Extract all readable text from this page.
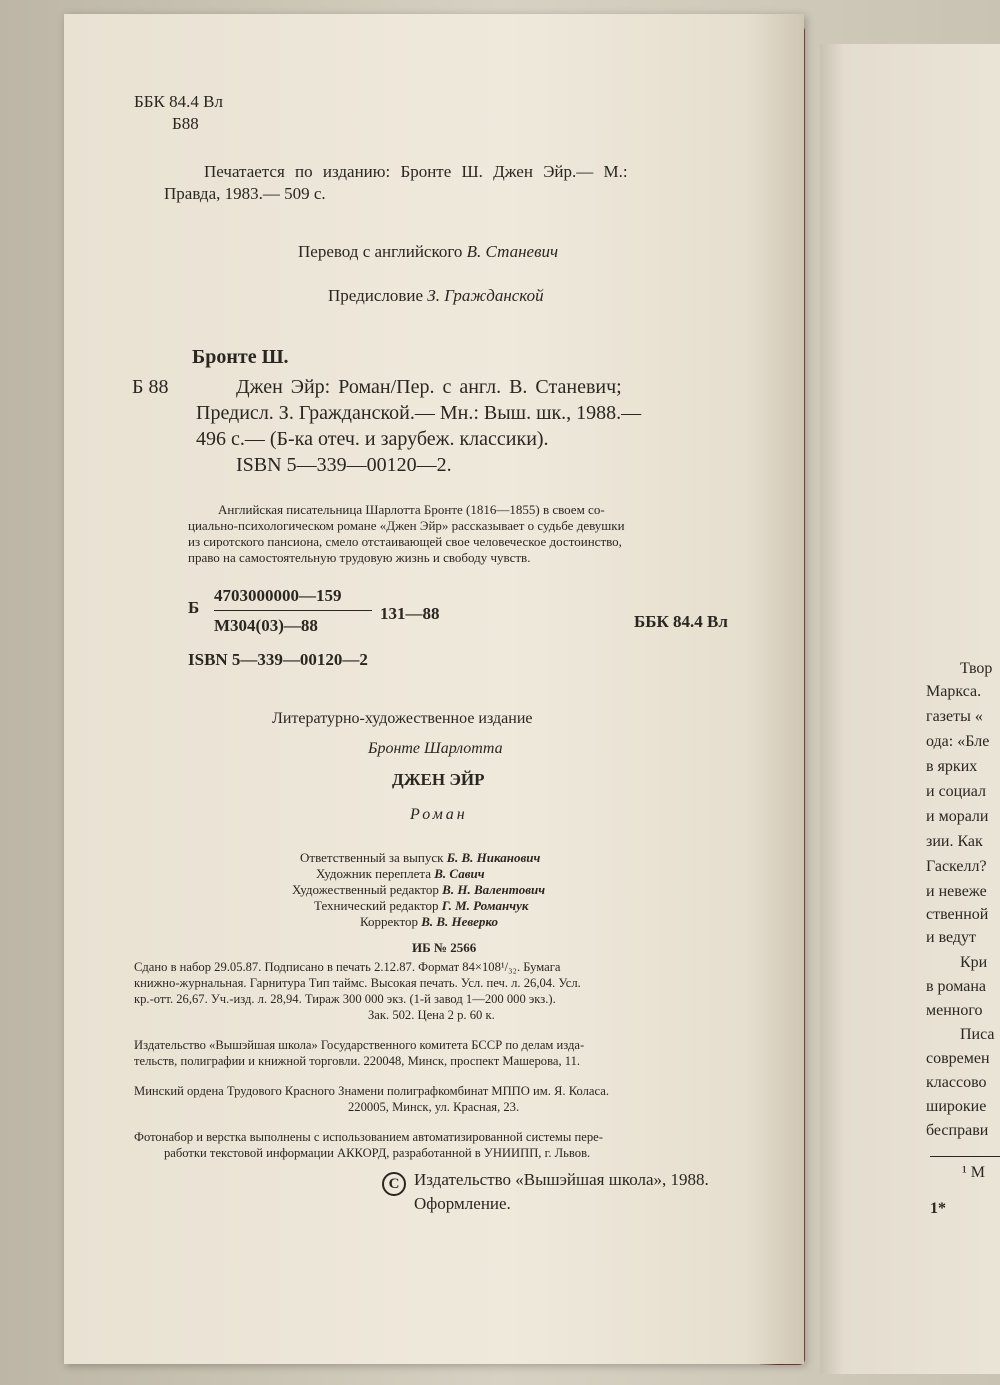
ББК 84.4 Вл

Б88

Печатается по изданию: Бронте Ш. Джен Эйр.— М.:

Правда, 1983.— 509 с.

Перевод с английского В. Станевич

Предисловие З. Гражданской

Бронте Ш.

Б 88	Джен Эйр: Роман/Пер. с англ. В. Станевич;

Предисл. З. Гражданской.— Мн.: Выш. шк., 1988.—

496 с.— (Б-ка отеч. и зарубеж. классики).

ISBN 5—339—00120—2.

Английская писательница Шарлотта Бронте (1816—1855) в своем со-

циально-психологическом романе «Джен Эйр» рассказывает о судьбе девушки

из сиротского пансиона, смело отстаивающей свое человеческое достоинство,

право на самостоятельную трудовую жизнь и свободу чувств.

Б

4703000000—159

М304(03)—88

131—88	ББК 84.4 Вл

ISBN 5—339—00120—2

Литературно-художественное издание

Бронте Шарлотта

ДЖЕН ЭЙР

Роман

Ответственный за выпуск Б. В. Никанович

Художник переплета В. Савич

Художественный редактор В. Н. Валентович

Технический редактор Г. М. Романчук

Корректор В. В. Неверко

ИБ № 2566

Сдано в набор 29.05.87. Подписано в печать 2.12.87. Формат 84×108¹/₃₂. Бумага

книжно-журнальная. Гарнитура Тип таймс. Высокая печать. Усл. печ. л. 26,04. Усл.

кр.-отт. 26,67. Уч.-изд. л. 28,94. Тираж 300 000 экз. (1-й завод 1—200 000 экз.).

Зак. 502. Цена 2 р. 60 к.

Издательство «Вышэйшая школа» Государственного комитета БССР по делам изда-

тельств, полиграфии и книжной торговли. 220048, Минск, проспект Машерова, 11.

Минский ордена Трудового Красного Знамени полиграфкомбинат МППО им. Я. Коласа.

220005, Минск, ул. Красная, 23.

Фотонабор и верстка выполнены с использованием автоматизированной системы пере-

работки текстовой информации АККОРД, разработанной в УНИИПП, г. Львов.

C Издательство «Вышэйшая школа», 1988.

Оформление.

Твор

Маркса.

газеты «

ода: «Бле

в ярких

и социал

и морали

зии. Как

Гаскелл?

и невеже

ственной

и ведут

Кри

в романа

менного

Писа

современ

классово

широкие

бесправи

¹ М

1*
